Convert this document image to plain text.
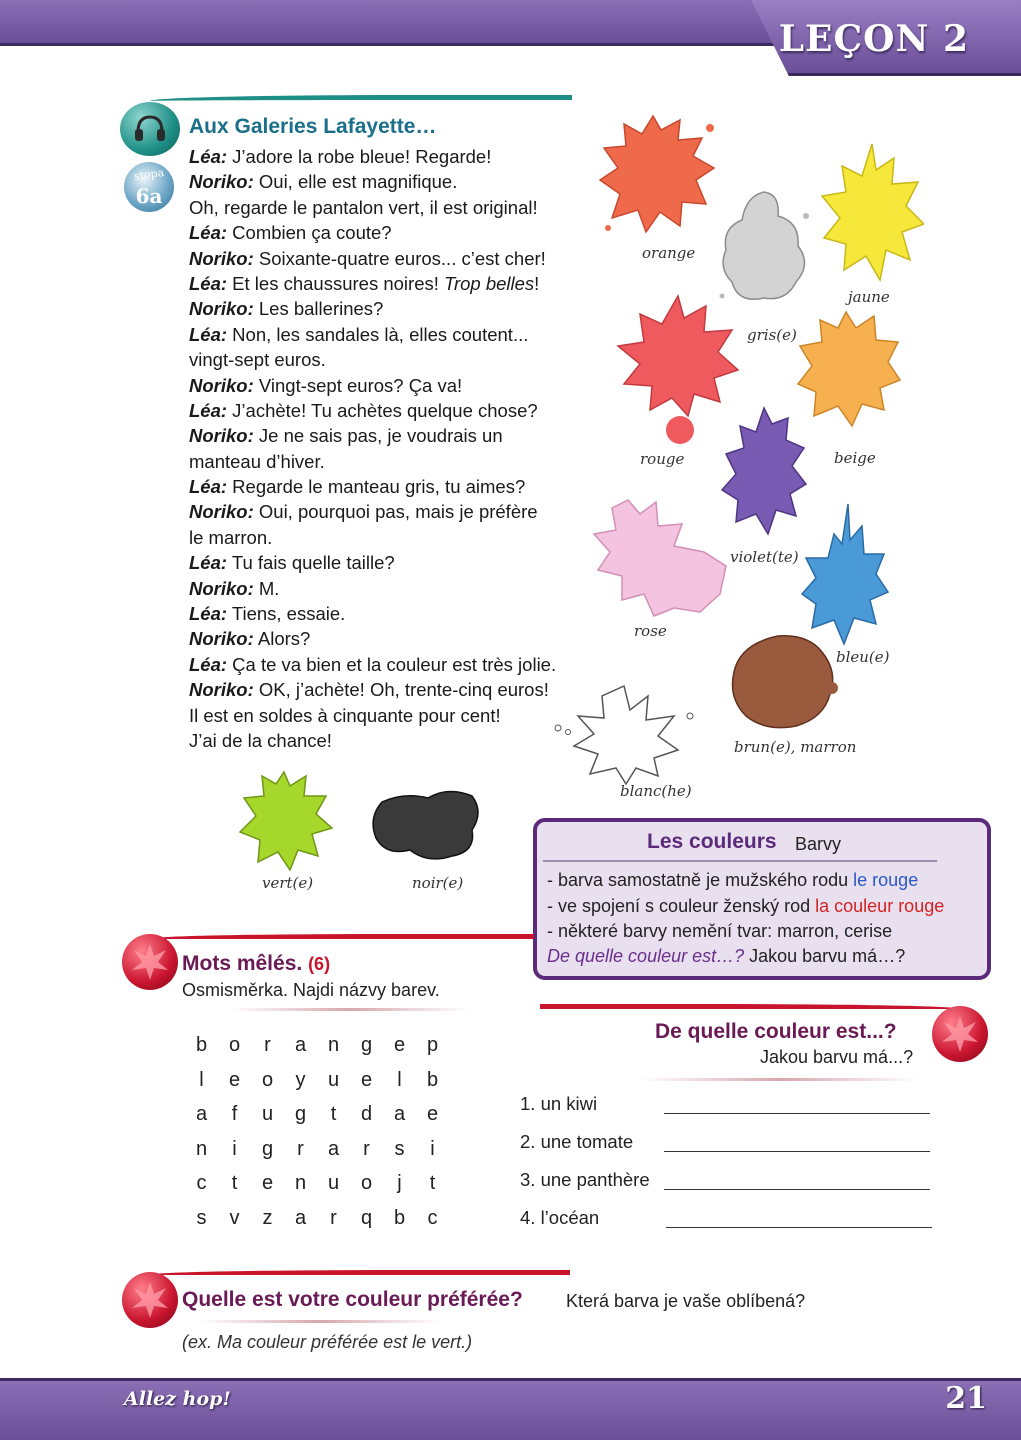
LEÇON 2
stopa
6a
Aux Galeries Lafayette…
Léa: J’adore la robe bleue! Regarde!
Noriko: Oui, elle est magnifique.
Oh, regarde le pantalon vert, il est original!
Léa: Combien ça coute?
Noriko: Soixante-quatre euros... c’est cher!
Léa: Et les chaussures noires! Trop belles!
Noriko: Les ballerines?
Léa: Non, les sandales là, elles coutent...
vingt-sept euros.
Noriko: Vingt-sept euros? Ça va!
Léa: J’achète! Tu achètes quelque chose?
Noriko: Je ne sais pas, je voudrais un
manteau d’hiver.
Léa: Regarde le manteau gris, tu aimes?
Noriko: Oui, pourquoi pas, mais je préfère
le marron.
Léa: Tu fais quelle taille?
Noriko: M.
Léa: Tiens, essaie.
Noriko: Alors?
Léa: Ça te va bien et la couleur est très jolie.
Noriko: OK, j’achète! Oh, trente-cinq euros!
Il est en soldes à cinquante pour cent!
J’ai de la chance!
orange
gris(e)
jaune
rouge	beige
violet(te)
rose
bleu(e)
brun(e), marron
blanc(he)
vert(e)	noir(e)
Les couleurs Barvy
- barva samostatně je mužského rodu le rouge
- ve spojení s couleur ženský rod la couleur rouge
- některé barvy nemění tvar: marron, cerise
De quelle couleur est…? Jakou barvu má…?
Mots mêlés. (6)
Osmisměrka. Najdi názvy barev.
b	o	r	a	n	g	e	p
l	e	o	y	u	e	l	b
a	f	u	g	t	d	a	e
n	i	g	r	a	r	s	i
c	t	e	n	u	o	j	t
s	v	z	a	r	q	b	c
De quelle couleur est...?
Jakou barvu má...?
1. un kiwi
2. une tomate
3. une panthère
4. l’océan
Quelle est votre couleur préférée? Která barva je vaše oblíbená?
(ex. Ma couleur préférée est le vert.)
Allez hop!	21
